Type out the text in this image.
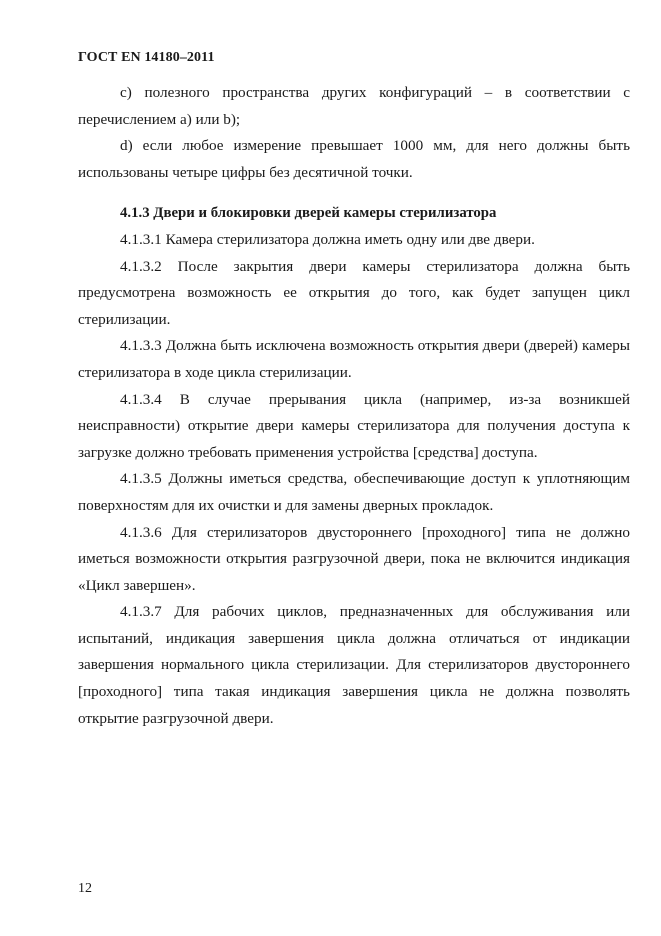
ГОСТ EN 14180–2011

c) полезного пространства других конфигураций – в соответствии с перечислением a) или b);

d) если любое измерение превышает 1000 мм, для него должны быть использованы четыре цифры без десятичной точки.

4.1.3 Двери и блокировки дверей камеры стерилизатора

4.1.3.1 Камера стерилизатора должна иметь одну или две двери.

4.1.3.2 После закрытия двери камеры стерилизатора должна быть предусмотрена возможность ее открытия до того, как будет запущен цикл стерилизации.

4.1.3.3 Должна быть исключена возможность открытия двери (дверей) камеры стерилизатора в ходе цикла стерилизации.

4.1.3.4 В случае прерывания цикла (например, из-за возникшей неисправности) открытие двери камеры стерилизатора для получения доступа к загрузке должно требовать применения устройства [средства] доступа.

4.1.3.5 Должны иметься средства, обеспечивающие доступ к уплотняющим поверхностям для их очистки и для замены дверных прокладок.

4.1.3.6 Для стерилизаторов двустороннего [проходного] типа не должно иметься возможности открытия разгрузочной двери, пока не включится индикация «Цикл завершен».

4.1.3.7 Для рабочих циклов, предназначенных для обслуживания или испытаний, индикация завершения цикла должна отличаться от индикации завершения нормального цикла стерилизации. Для стерилизаторов двустороннего [проходного] типа такая индикация завершения цикла не должна позволять открытие разгрузочной двери.

12
